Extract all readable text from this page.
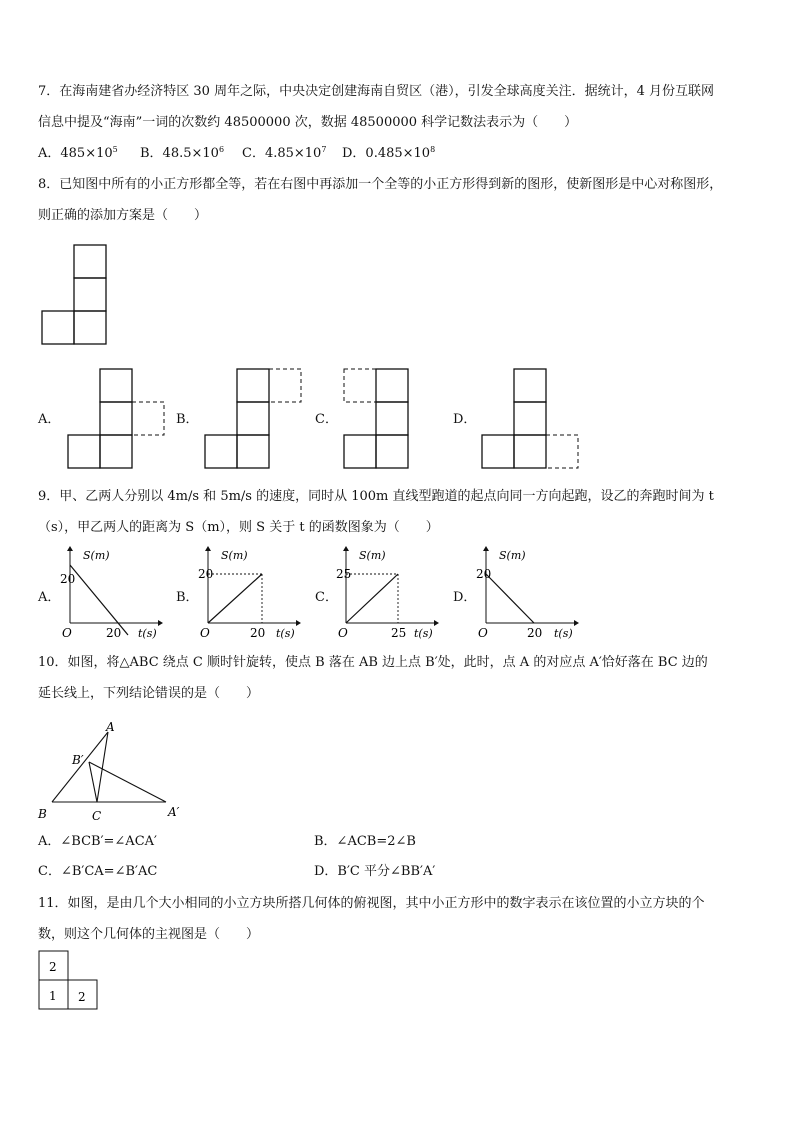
7．在海南建省办经济特区 30 周年之际，中央决定创建海南自贸区（港），引发全球高度关注．据统计，4 月份互联网
信息中提及“海南”一词的次数约 48500000 次，数据 48500000 科学记数法表示为（　　）
A．$485\times 10^5$ B．$48.5\times 10^6$ C．$4.85\times 10^7$ D．$0.485\times 10^8$
8．已知图中所有的小正方形都全等，若在右图中再添加一个全等的小正方形得到新的图形，使新图形是中心对称图形，
则正确的添加方案是（　　）
A．	B．	C．	D．
9．甲、乙两人分别以 4m/s 和 5m/s 的速度，同时从 100m 直线型跑道的起点向同一方向起跑，设乙的奔跑时间为 t
（s），甲乙两人的距离为 S（m），则 S 关于 t 的函数图象为（　　）
A．
S(m)
20
O	20 t(s)
B．
S(m)
20
O	20 t(s)
C．
S(m)
25
O	25 t(s)
D．
S(m)
20
O	20 t(s)
10．如图，将△ABC 绕点 C 顺时针旋转，使点 B 落在 AB 边上点 B′处，此时，点 A 的对应点 A′恰好落在 BC 边的
延长线上，下列结论错误的是（　　）
A
B′
B	C	A′
A．∠BCB′=∠ACA′	B．∠ACB=2∠B
C．∠B′CA=∠B′AC	D．B′C 平分∠BB′A′
11．如图，是由几个大小相同的小立方块所搭几何体的俯视图，其中小正方形中的数字表示在该位置的小立方块的个
数，则这个几何体的主视图是（　　）
2
1 2
